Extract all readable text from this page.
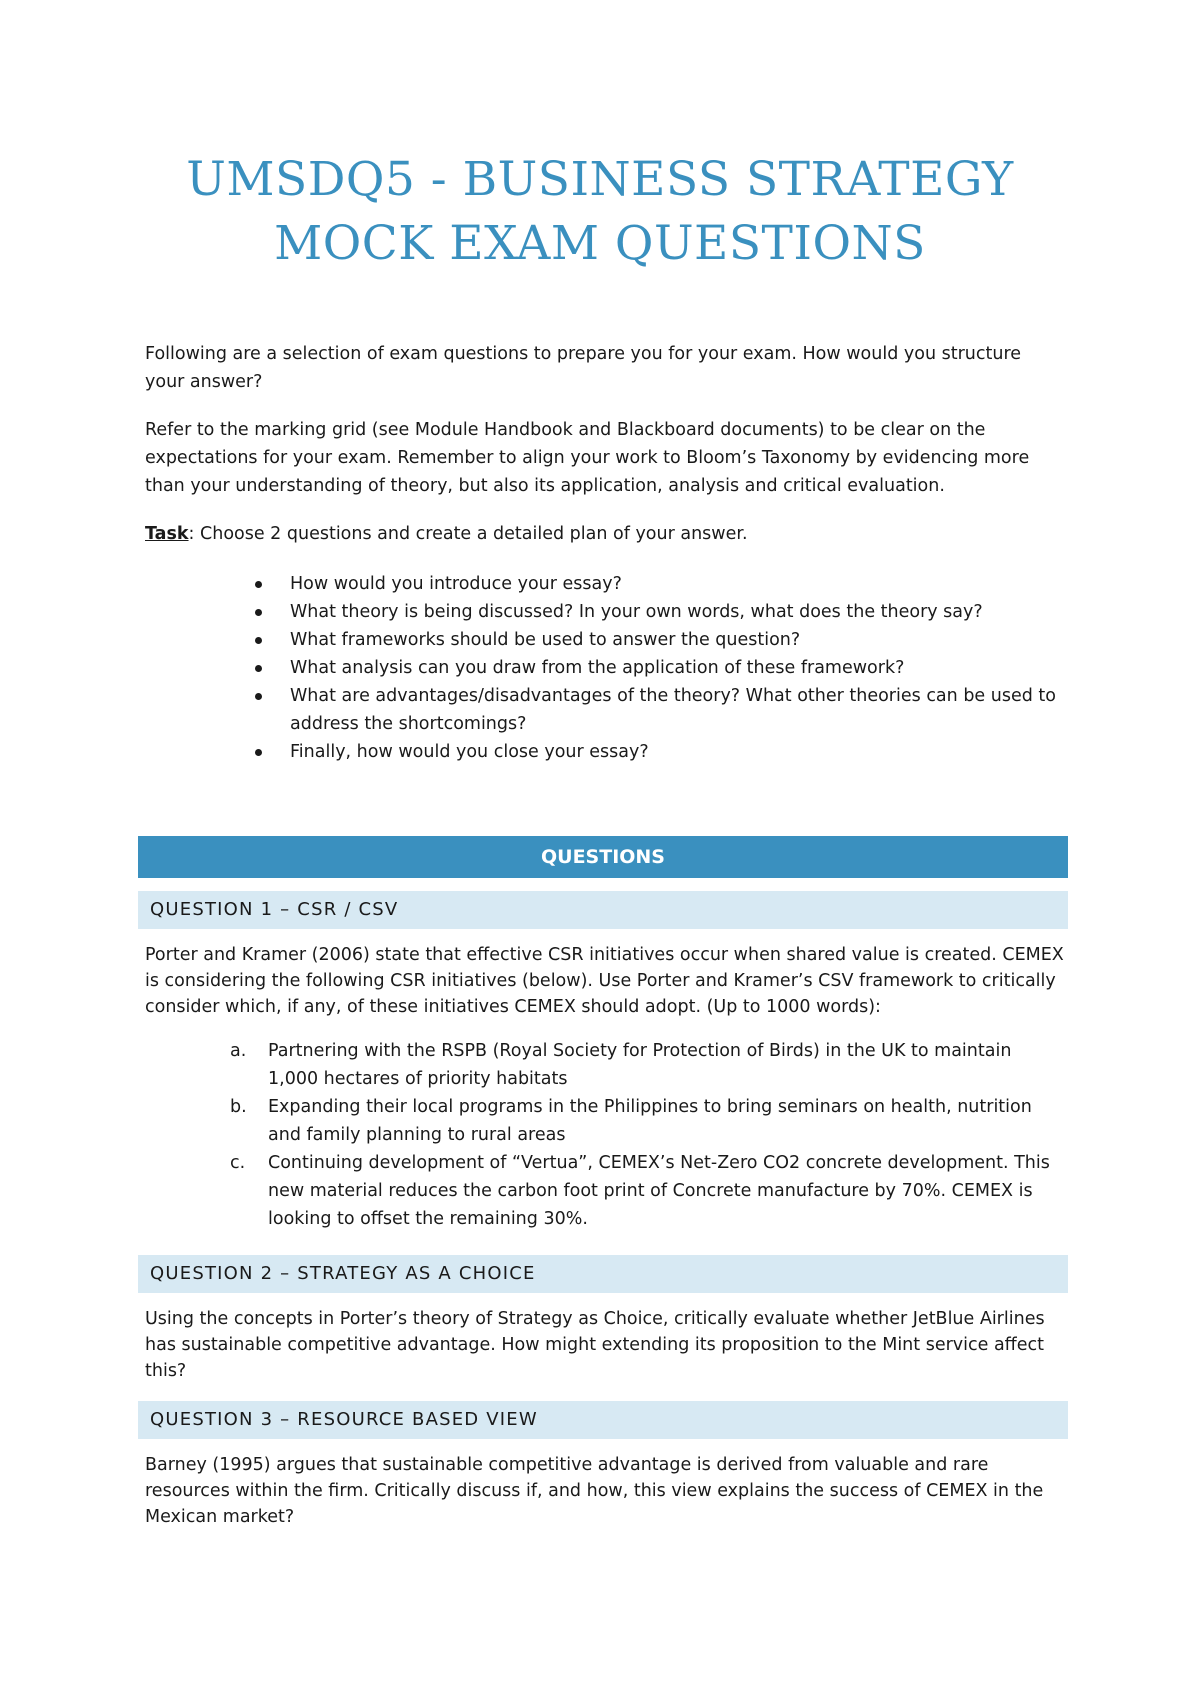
UMSDQ5 - BUSINESS STRATEGY
MOCK EXAM QUESTIONS

Following are a selection of exam questions to prepare you for your exam. How would you structure your answer?

Refer to the marking grid (see Module Handbook and Blackboard documents) to be clear on the expectations for your exam. Remember to align your work to Bloom’s Taxonomy by evidencing more than your understanding of theory, but also its application, analysis and critical evaluation.

Task: Choose 2 questions and create a detailed plan of your answer.

How would you introduce your essay?
What theory is being discussed? In your own words, what does the theory say?
What frameworks should be used to answer the question?
What analysis can you draw from the application of these framework?
What are advantages/disadvantages of the theory? What other theories can be used to address the shortcomings?
Finally, how would you close your essay?
QUESTIONS
QUESTION 1 – CSR / CSV

Porter and Kramer (2006) state that effective CSR initiatives occur when shared value is created. CEMEX is considering the following CSR initiatives (below). Use Porter and Kramer’s CSV framework to critically consider which, if any, of these initiatives CEMEX should adopt. (Up to 1000 words):

a. Partnering with the RSPB (Royal Society for Protection of Birds) in the UK to maintain 1,000 hectares of priority habitats
b. Expanding their local programs in the Philippines to bring seminars on health, nutrition and family planning to rural areas
c. Continuing development of “Vertua”, CEMEX’s Net-Zero CO2 concrete development. This new material reduces the carbon foot print of Concrete manufacture by 70%. CEMEX is looking to offset the remaining 30%.
QUESTION 2 – STRATEGY AS A CHOICE

Using the concepts in Porter’s theory of Strategy as Choice, critically evaluate whether JetBlue Airlines has sustainable competitive advantage. How might extending its proposition to the Mint service affect this?

QUESTION 3 – RESOURCE BASED VIEW

Barney (1995) argues that sustainable competitive advantage is derived from valuable and rare resources within the firm. Critically discuss if, and how, this view explains the success of CEMEX in the Mexican market?
